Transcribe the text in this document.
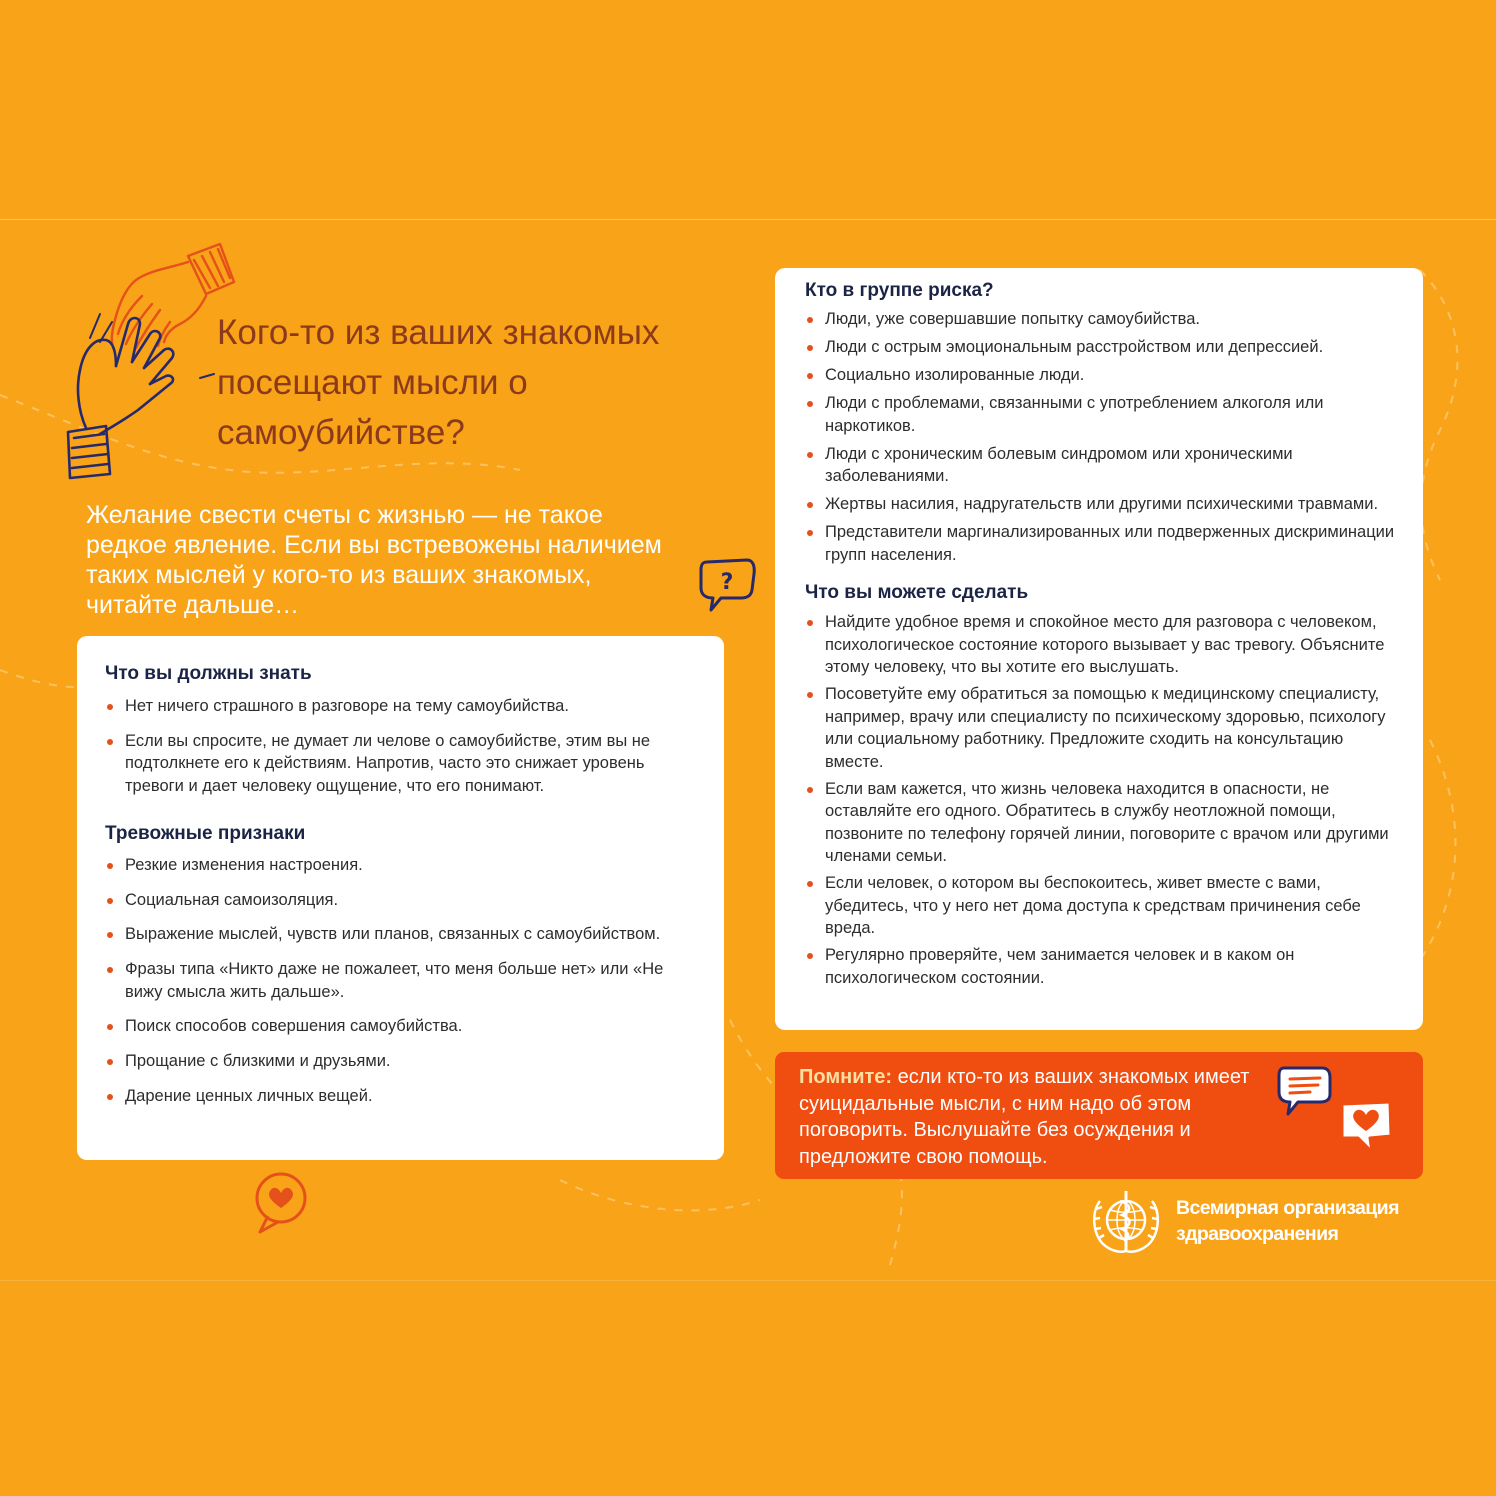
Кого-то из ваших знакомых посещают мысли о самоубийстве?

Желание свести счеты с жизнью — не такое редкое явление. Если вы встревожены наличием таких мыслей у кого-то из ваших знакомых, читайте дальше…

?
Что вы должны знать
Нет ничего страшного в разговоре на тему самоубийства.
Если вы спросите, не думает ли челове о самоубийстве, этим вы не подтолкнете его к действиям. Напротив, часто это снижает уровень тревоги и дает человеку ощущение, что его понимают.
Тревожные признаки
Резкие изменения настроения.
Социальная самоизоляция.
Выражение мыслей, чувств или планов, связанных с самоубийством.
Фразы типа «Никто даже не пожалеет, что меня больше нет» или «Не вижу смысла жить дальше».
Поиск способов совершения самоубийства.
Прощание с близкими и друзьями.
Дарение ценных личных вещей.
Кто в группе риска?
Люди, уже совершавшие попытку самоубийства.
Люди с острым эмоциональным расстройством или депрессией.
Социально изолированные люди.
Люди с проблемами, связанными с употреблением алкоголя или наркотиков.
Люди с хроническим болевым синдромом или хроническими заболеваниями.
Жертвы насилия, надругательств или другими психическими травмами.
Представители маргинализированных или подверженных дискриминации групп населения.
Что вы можете сделать
Найдите удобное время и спокойное место для разговора с человеком, психологическое состояние которого вызывает у вас тревогу. Объясните этому человеку, что вы хотите его выслушать.
Посоветуйте ему обратиться за помощью к медицинскому специалисту, например, врачу или специалисту по психическому здоровью, психологу или социальному работнику. Предложите сходить на консультацию вместе.
Если вам кажется, что жизнь человека находится в опасности, не оставляйте его одного. Обратитесь в службу неотложной помощи, позвоните по телефону горячей линии, поговорите с врачом или другими членами семьи.
Если человек, о котором вы беспокоитесь, живет вместе с вами, убедитесь, что у него нет дома доступа к средствам причинения себе вреда.
Регулярно проверяйте, чем занимается человек и в каком он психологическом состоянии.

Помните: если кто-то из ваших знакомых имеет суицидальные мысли, с ним надо об этом поговорить. Выслушайте без осуждения и предложите свою помощь.

Всемирная организация
здравоохранения
